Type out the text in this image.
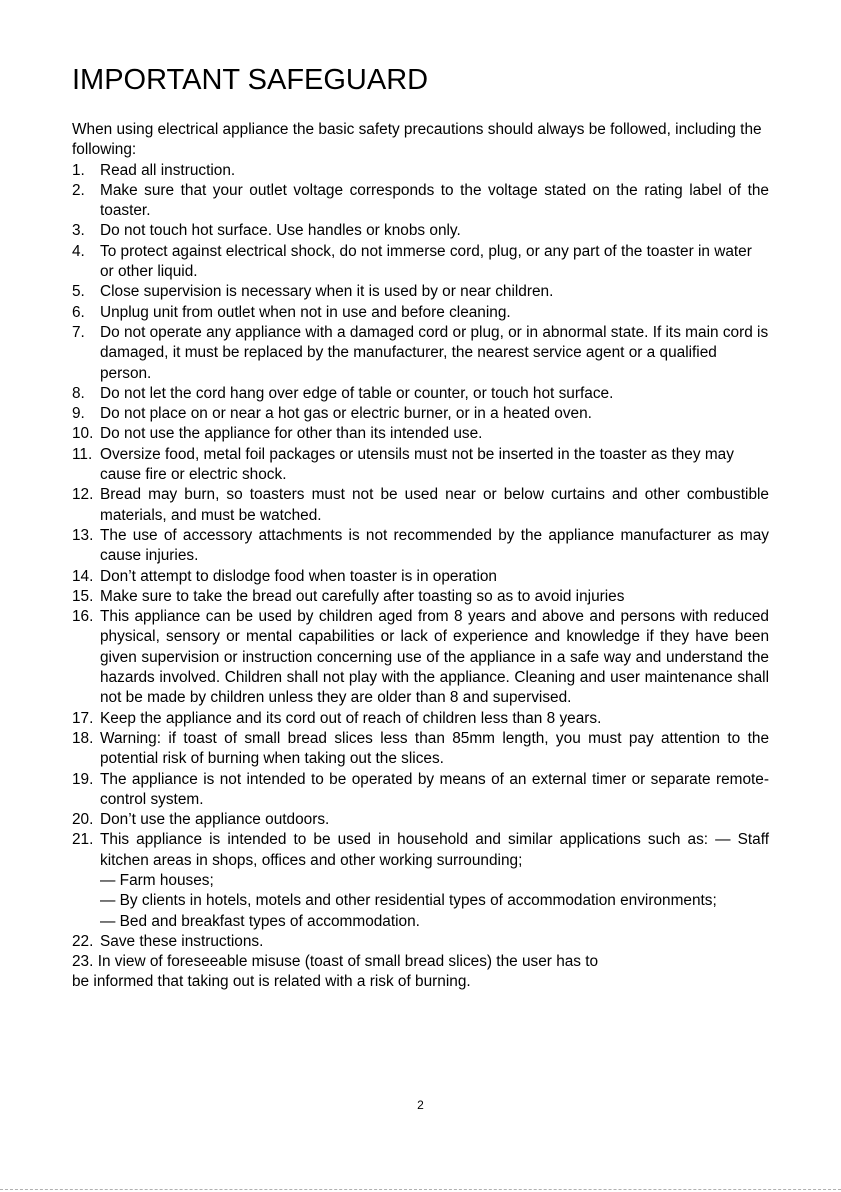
IMPORTANT SAFEGUARD

When using electrical appliance the basic safety precautions should always be followed, including the following:

1. Read all instruction.
2. Make sure that your outlet voltage corresponds to the voltage stated on the rating label of the toaster.
3. Do not touch hot surface. Use handles or knobs only.
4. To protect against electrical shock, do not immerse cord, plug, or any part of the toaster in water or other liquid.
5. Close supervision is necessary when it is used by or near children.
6. Unplug unit from outlet when not in use and before cleaning.
7. Do not operate any appliance with a damaged cord or plug, or in abnormal state. If its main cord is damaged, it must be replaced by the manufacturer, the nearest service agent or a qualified person.
8. Do not let the cord hang over edge of table or counter, or touch hot surface.
9. Do not place on or near a hot gas or electric burner, or in a heated oven.
10. Do not use the appliance for other than its intended use.
11. Oversize food, metal foil packages or utensils must not be inserted in the toaster as they may cause fire or electric shock.
12. Bread may burn, so toasters must not be used near or below curtains and other combustible materials, and must be watched.
13. The use of accessory attachments is not recommended by the appliance manufacturer as may cause injuries.
14. Don’t attempt to dislodge food when toaster is in operation
15. Make sure to take the bread out carefully after toasting so as to avoid injuries
16. This appliance can be used by children aged from 8 years and above and persons with reduced physical, sensory or mental capabilities or lack of experience and knowledge if they have been given supervision or instruction concerning use of the appliance in a safe way and understand the hazards involved. Children shall not play with the appliance. Cleaning and user maintenance shall not be made by children unless they are older than 8 and supervised.
17. Keep the appliance and its cord out of reach of children less than 8 years.
18. Warning: if toast of small bread slices less than 85mm length, you must pay attention to the potential risk of burning when taking out the slices.
19. The appliance is not intended to be operated by means of an external timer or separate remote-control system.
20. Don’t use the appliance outdoors.
21. This appliance is intended to be used in household and similar applications such as: — Staff kitchen areas in shops, offices and other working surrounding;
— Farm houses;
— By clients in hotels, motels and other residential types of accommodation environments;
— Bed and breakfast types of accommodation.
22. Save these instructions.

23. In view of foreseeable misuse (toast of small bread slices) the user has to
be informed that taking out is related with a risk of burning.

2
